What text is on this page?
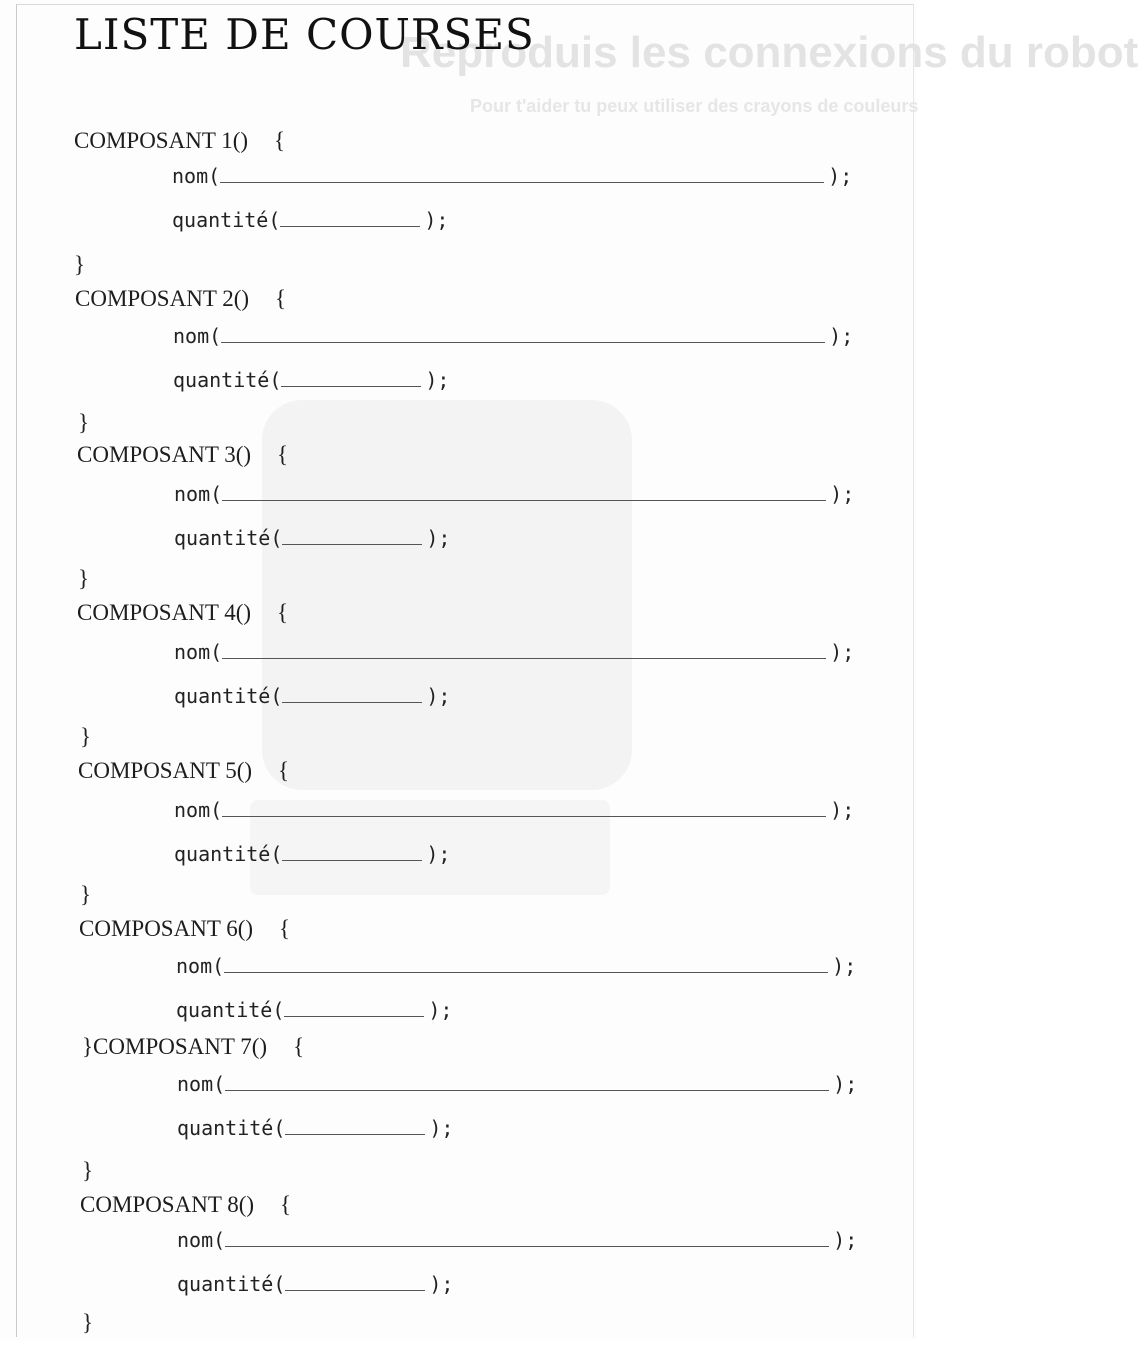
Reproduis les connexions du robot
Pour t'aider tu peux utiliser des crayons de couleurs
LISTE DE COURSES
COMPOSANT 1() {
nom(	);
quantité(	);
}
COMPOSANT 2() {
nom(	);
quantité(	);
}
COMPOSANT 3() {
nom(	);
quantité(	);
}
COMPOSANT 4() {
nom(	);
quantité(	);
}
COMPOSANT 5() {
nom(	);
quantité(	);
}
COMPOSANT 6() {
nom(	);
quantité(	);
}COMPOSANT 7() {
nom(	);
quantité(	);
}
COMPOSANT 8() {
nom(	);
quantité(	);
}
